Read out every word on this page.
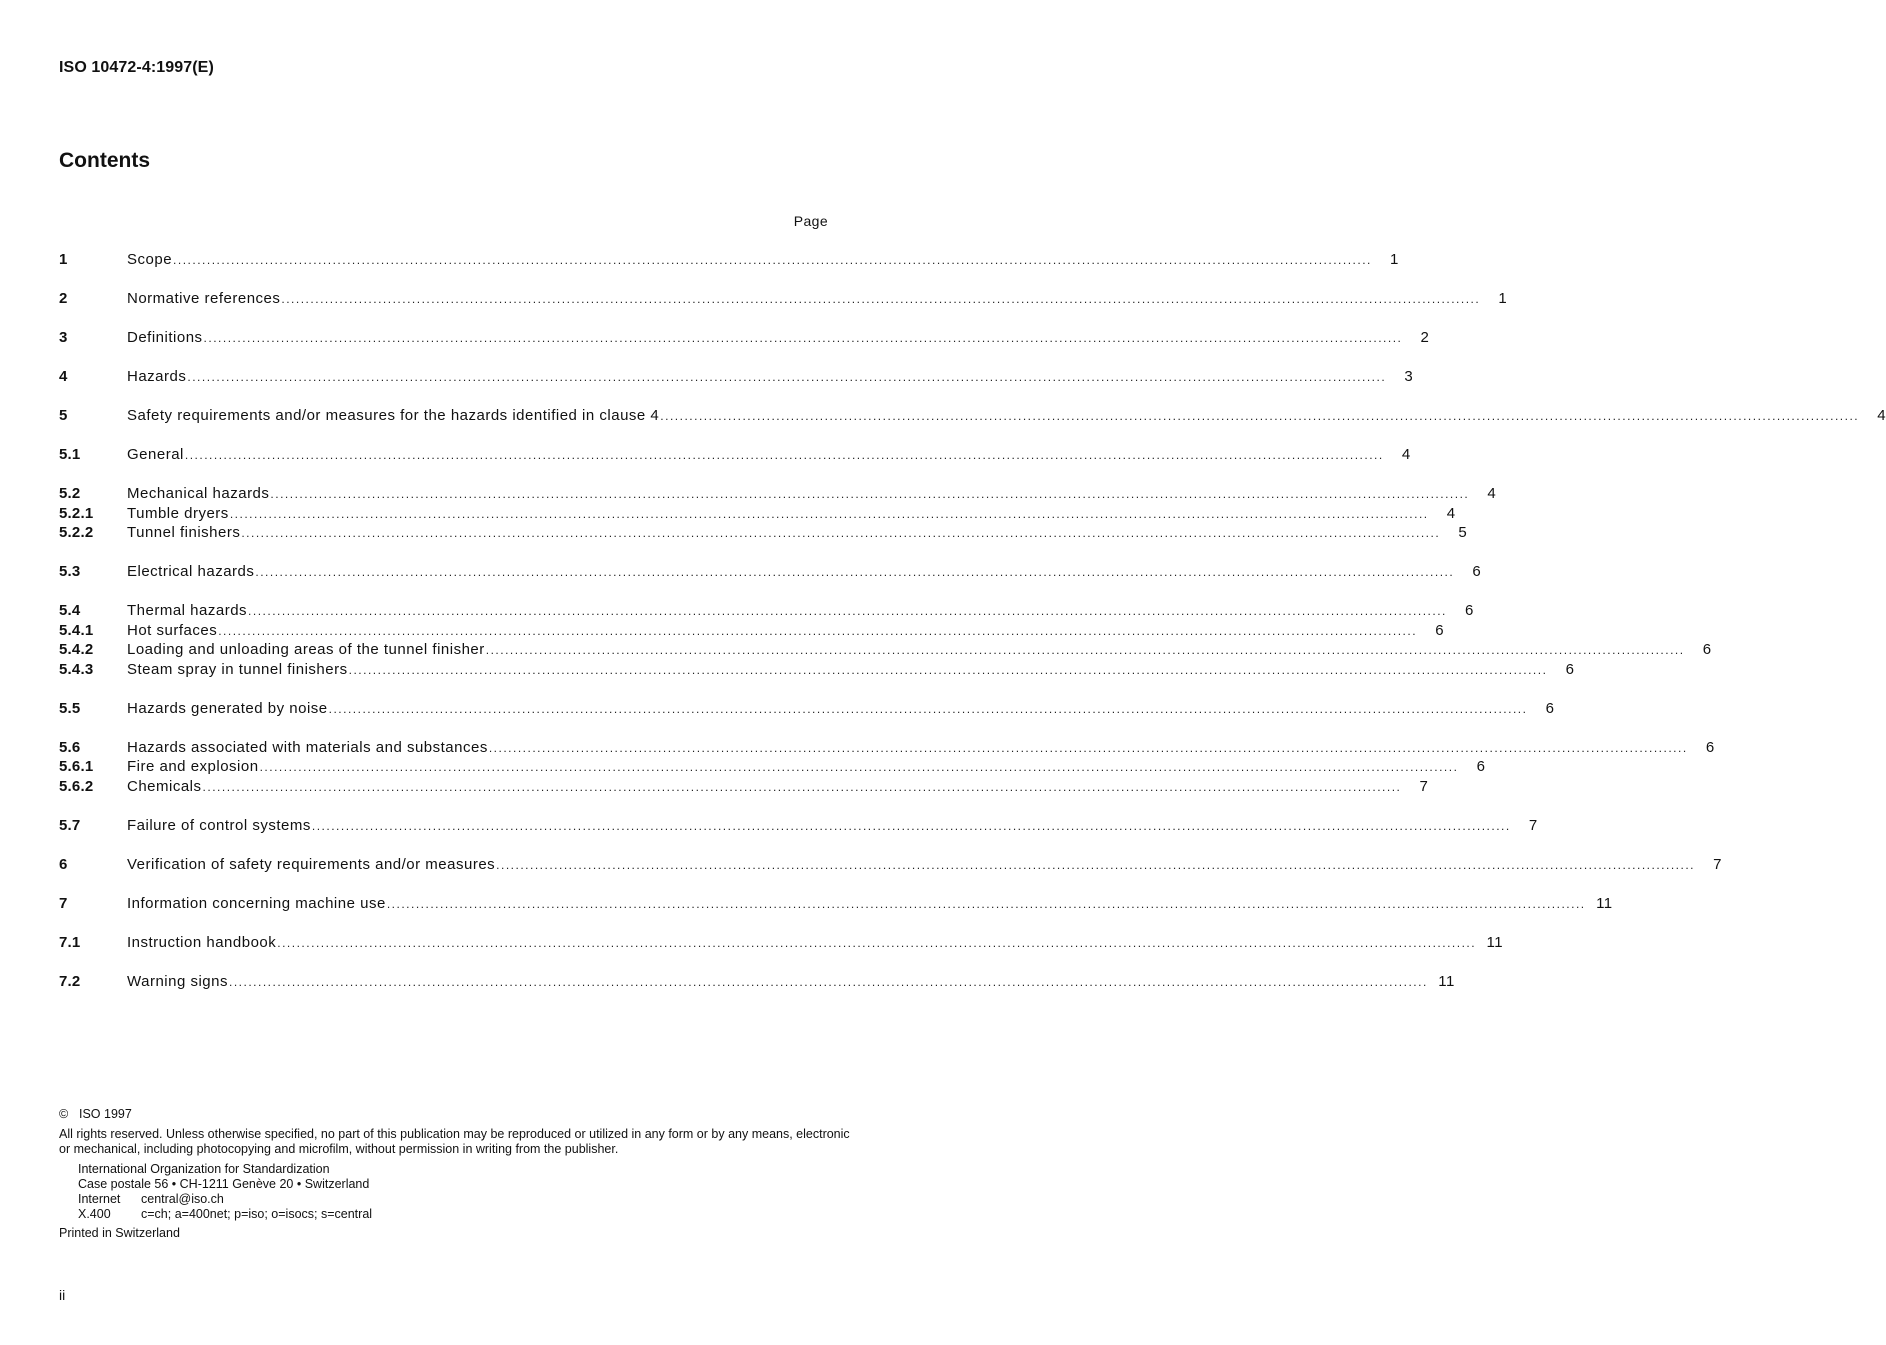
ISO 10472-4:1997(E)
Contents
Page
1	Scope .....	1
2	Normative references .....	1
3	Definitions .....	2
4	Hazards .....	3
5	Safety requirements and/or measures for the hazards identified in clause 4 .....	4
5.1	General .....	4
5.2	Mechanical hazards .....	4
5.2.1	Tumble dryers .....	4
5.2.2	Tunnel finishers .....	5
5.3	Electrical hazards .....	6
5.4	Thermal hazards .....	6
5.4.1	Hot surfaces .....	6
5.4.2	Loading and unloading areas of the tunnel finisher .....	6
5.4.3	Steam spray in tunnel finishers .....	6
5.5	Hazards generated by noise .....	6
5.6	Hazards associated with materials and substances .....	6
5.6.1	Fire and explosion .....	6
5.6.2	Chemicals .....	7
5.7	Failure of control systems .....	7
6	Verification of safety requirements and/or measures .....	7
7	Information concerning machine use .....	11
7.1	Instruction handbook .....	11
7.2	Warning signs .....	11
© ISO 1997
All rights reserved. Unless otherwise specified, no part of this publication may be reproduced or utilized in any form or by any means, electronic
or mechanical, including photocopying and microfilm, without permission in writing from the publisher.
International Organization for Standardization
Case postale 56 • CH-1211 Genève 20 • Switzerland
Internet central@iso.ch
X.400 c=ch; a=400net; p=iso; o=isocs; s=central
Printed in Switzerland
ii
